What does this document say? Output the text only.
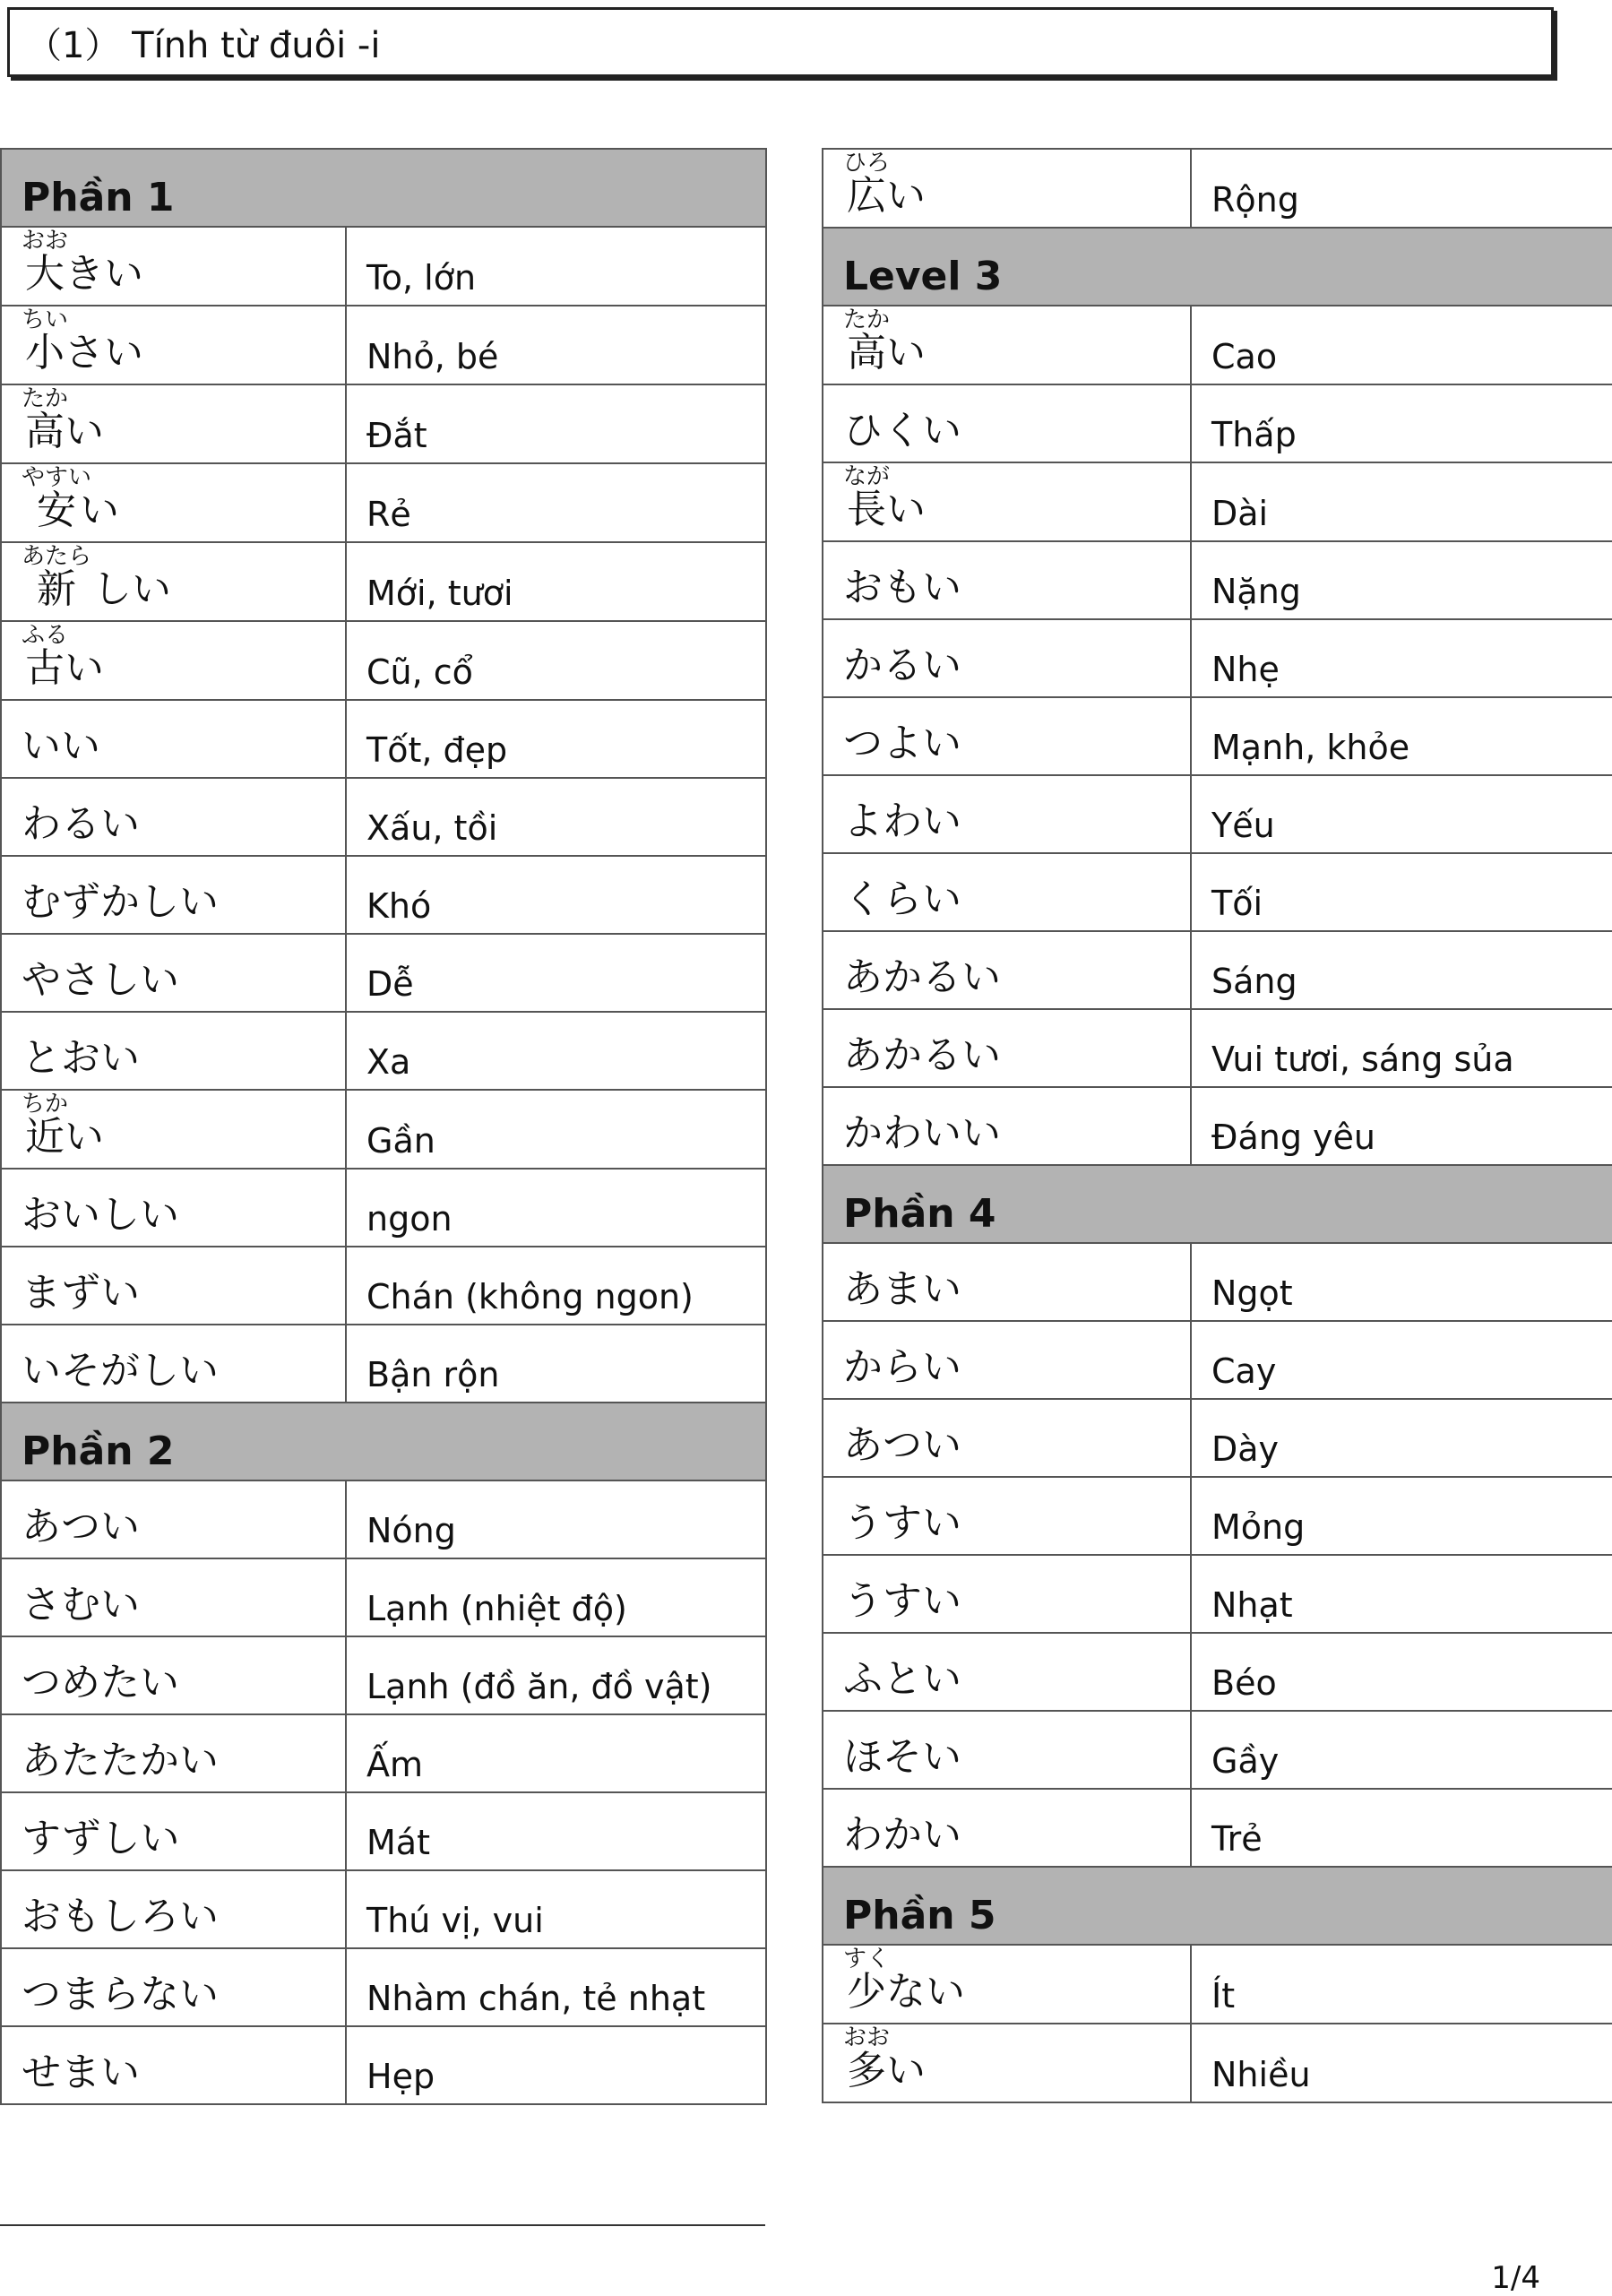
（1） Tính từ đuôi -i
Phần 1	
大おおきい	To, lớn
小ちいさい	Nhỏ, bé
高たかい	Đắt
安やすいい	Rẻ
新あたら しい	Mới, tươi
古ふるい	Cũ, cổ
いい	Tốt, đẹp
わるい	Xấu, tồi
むずかしい	Khó
やさしい	Dễ
とおい	Xa
近ちかい	Gần
おいしい	ngon
まずい	Chán (không ngon)
いそがしい	Bận rộn
Phần 2	
あつい	Nóng
さむい	Lạnh (nhiệt độ)
つめたい	Lạnh (đồ ăn, đồ vật)
あたたかい	Ấm
すずしい	Mát
おもしろい	Thú vị, vui
つまらない	Nhàm chán, tẻ nhạt
せまい	Hẹp
広ひろい	Rộng
Level 3	
高たかい	Cao
ひくい	Thấp
長ながい	Dài
おもい	Nặng
かるい	Nhẹ
つよい	Mạnh, khỏe
よわい	Yếu
くらい	Tối
あかるい	Sáng
あかるい	Vui tươi, sáng sủa
かわいい	Đáng yêu
Phần 4	
あまい	Ngọt
からい	Cay
あつい	Dày
うすい	Mỏng
うすい	Nhạt
ふとい	Béo
ほそい	Gầy
わかい	Trẻ
Phần 5	
少すくない	Ít
多おおい	Nhiều
1/4
